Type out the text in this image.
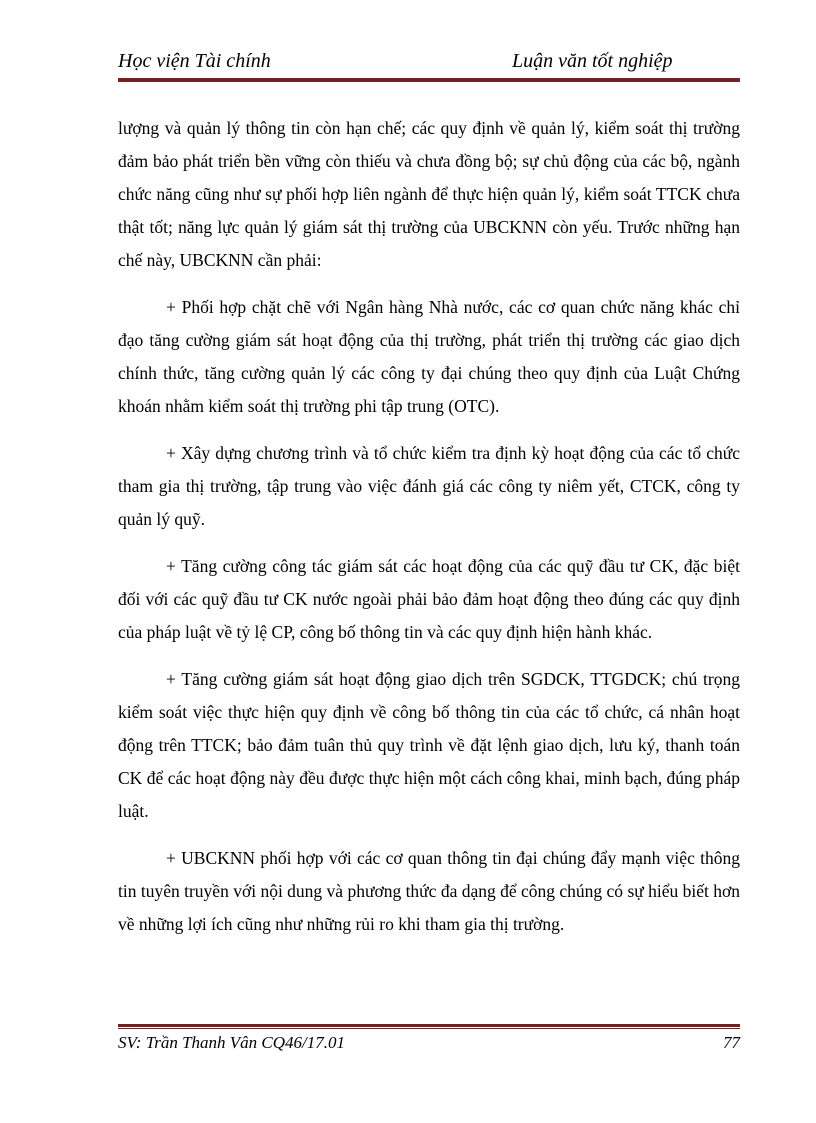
Học viện Tài chính	Luận văn tốt nghiệp

lượng và quản lý thông tin còn hạn chế; các quy định về quản lý, kiểm soát thị trường đảm bảo phát triển bền vững còn thiếu và chưa đồng bộ; sự chủ động của các bộ, ngành chức năng cũng như sự phối hợp liên ngành để thực hiện quản lý, kiểm soát TTCK chưa thật tốt; năng lực quản lý giám sát thị trường của UBCKNN còn yếu. Trước những hạn chế này, UBCKNN cần phải:

+ Phối hợp chặt chẽ với Ngân hàng Nhà nước, các cơ quan chức năng khác chỉ đạo tăng cường giám sát hoạt động của thị trường, phát triển thị trường các giao dịch chính thức, tăng cường quản lý các công ty đại chúng theo quy định của Luật Chứng khoán nhằm kiểm soát thị trường phi tập trung (OTC).

+ Xây dựng chương trình và tổ chức kiểm tra định kỳ hoạt động của các tổ chức tham gia thị trường, tập trung vào việc đánh giá các công ty niêm yết, CTCK, công ty quản lý quỹ.

+ Tăng cường công tác giám sát các hoạt động của các quỹ đầu tư CK, đặc biệt đối với các quỹ đầu tư CK nước ngoài phải bảo đảm hoạt động theo đúng các quy định của pháp luật về tỷ lệ CP, công bố thông tin và các quy định hiện hành khác.

+ Tăng cường giám sát hoạt động giao dịch trên SGDCK, TTGDCK; chú trọng kiểm soát việc thực hiện quy định về công bố thông tin của các tổ chức, cá nhân hoạt động trên TTCK; bảo đảm tuân thủ quy trình về đặt lệnh giao dịch, lưu ký, thanh toán CK để các hoạt động này đều được thực hiện một cách công khai, minh bạch, đúng pháp luật.

+ UBCKNN phối hợp với các cơ quan thông tin đại chúng đẩy mạnh việc thông tin tuyên truyền với nội dung và phương thức đa dạng để công chúng có sự hiểu biết hơn về những lợi ích cũng như những rủi ro khi tham gia thị trường.

SV: Trần Thanh Vân CQ46/17.01	77
